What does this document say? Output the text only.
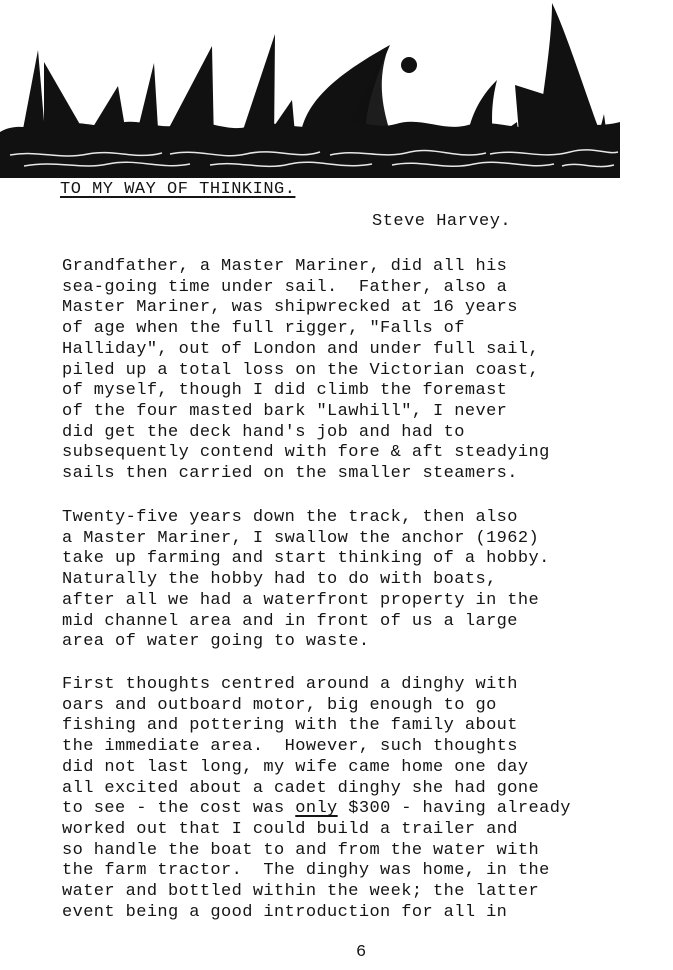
TO MY WAY OF THINKING.
Steve Harvey.
Grandfather, a Master Mariner, did all his
sea-going time under sail.  Father, also a
Master Mariner, was shipwrecked at 16 years
of age when the full rigger, "Falls of
Halliday", out of London and under full sail,
piled up a total loss on the Victorian coast,
of myself, though I did climb the foremast
of the four masted bark "Lawhill", I never
did get the deck hand's job and had to
subsequently contend with fore & aft steadying
sails then carried on the smaller steamers.
Twenty-five years down the track, then also
a Master Mariner, I swallow the anchor (1962)
take up farming and start thinking of a hobby.
Naturally the hobby had to do with boats,
after all we had a waterfront property in the
mid channel area and in front of us a large
area of water going to waste.
First thoughts centred around a dinghy with
oars and outboard motor, big enough to go
fishing and pottering with the family about
the immediate area.  However, such thoughts
did not last long, my wife came home one day
all excited about a cadet dinghy she had gone
to see - the cost was only $300 - having already
worked out that I could build a trailer and
so handle the boat to and from the water with
the farm tractor.  The dinghy was home, in the
water and bottled within the week; the latter
event being a good introduction for all in
6
